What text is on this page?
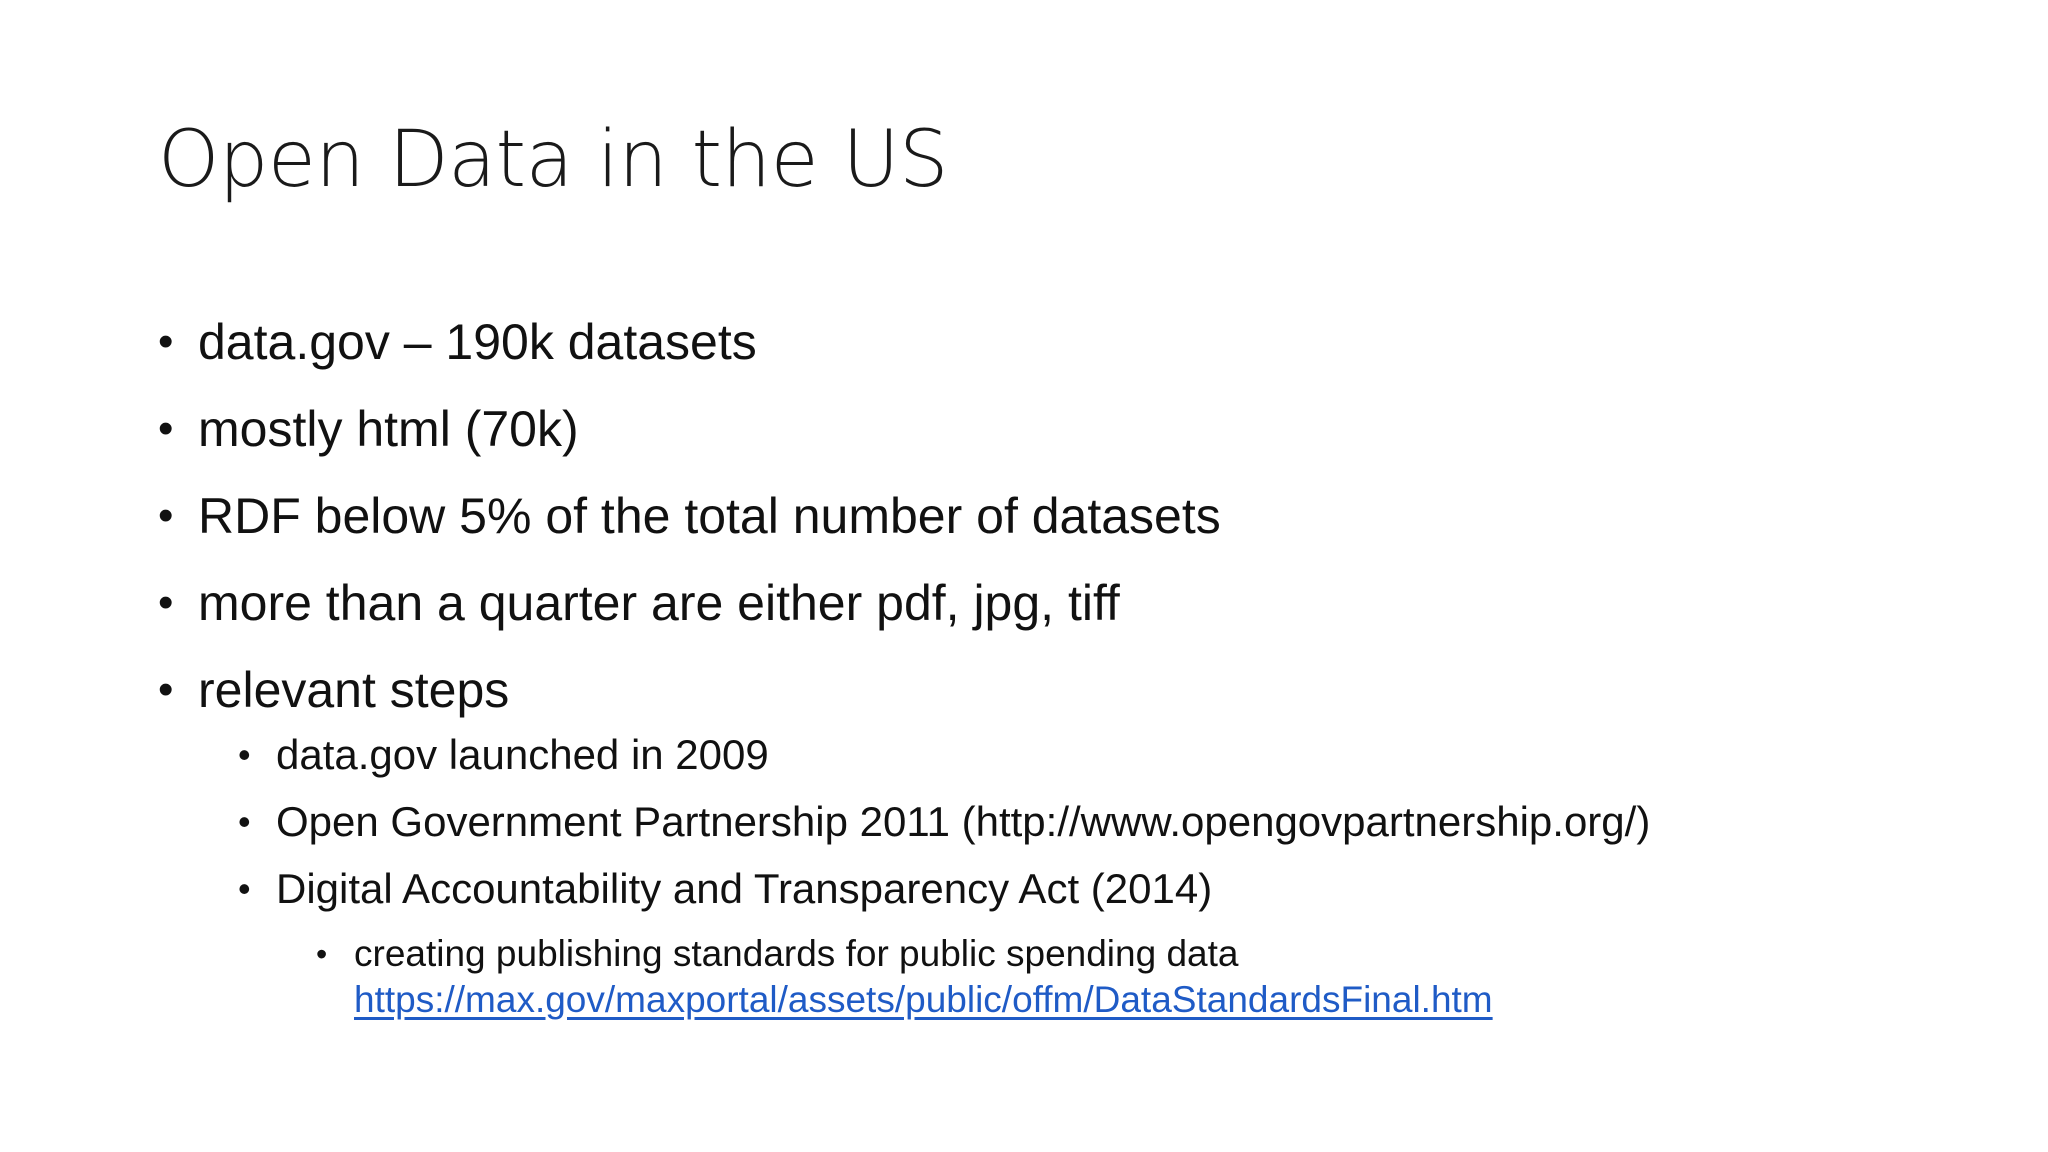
Open Data in the US
• data.gov – 190k datasets
• mostly html (70k)
• RDF below 5% of the total number of datasets
• more than a quarter are either pdf, jpg, tiff
• relevant steps
• data.gov launched in 2009
• Open Government Partnership 2011 (http://www.opengovpartnership.org/)
• Digital Accountability and Transparency Act (2014)
• creating publishing standards for public spending data
https://max.gov/maxportal/assets/public/offm/DataStandardsFinal.htm
